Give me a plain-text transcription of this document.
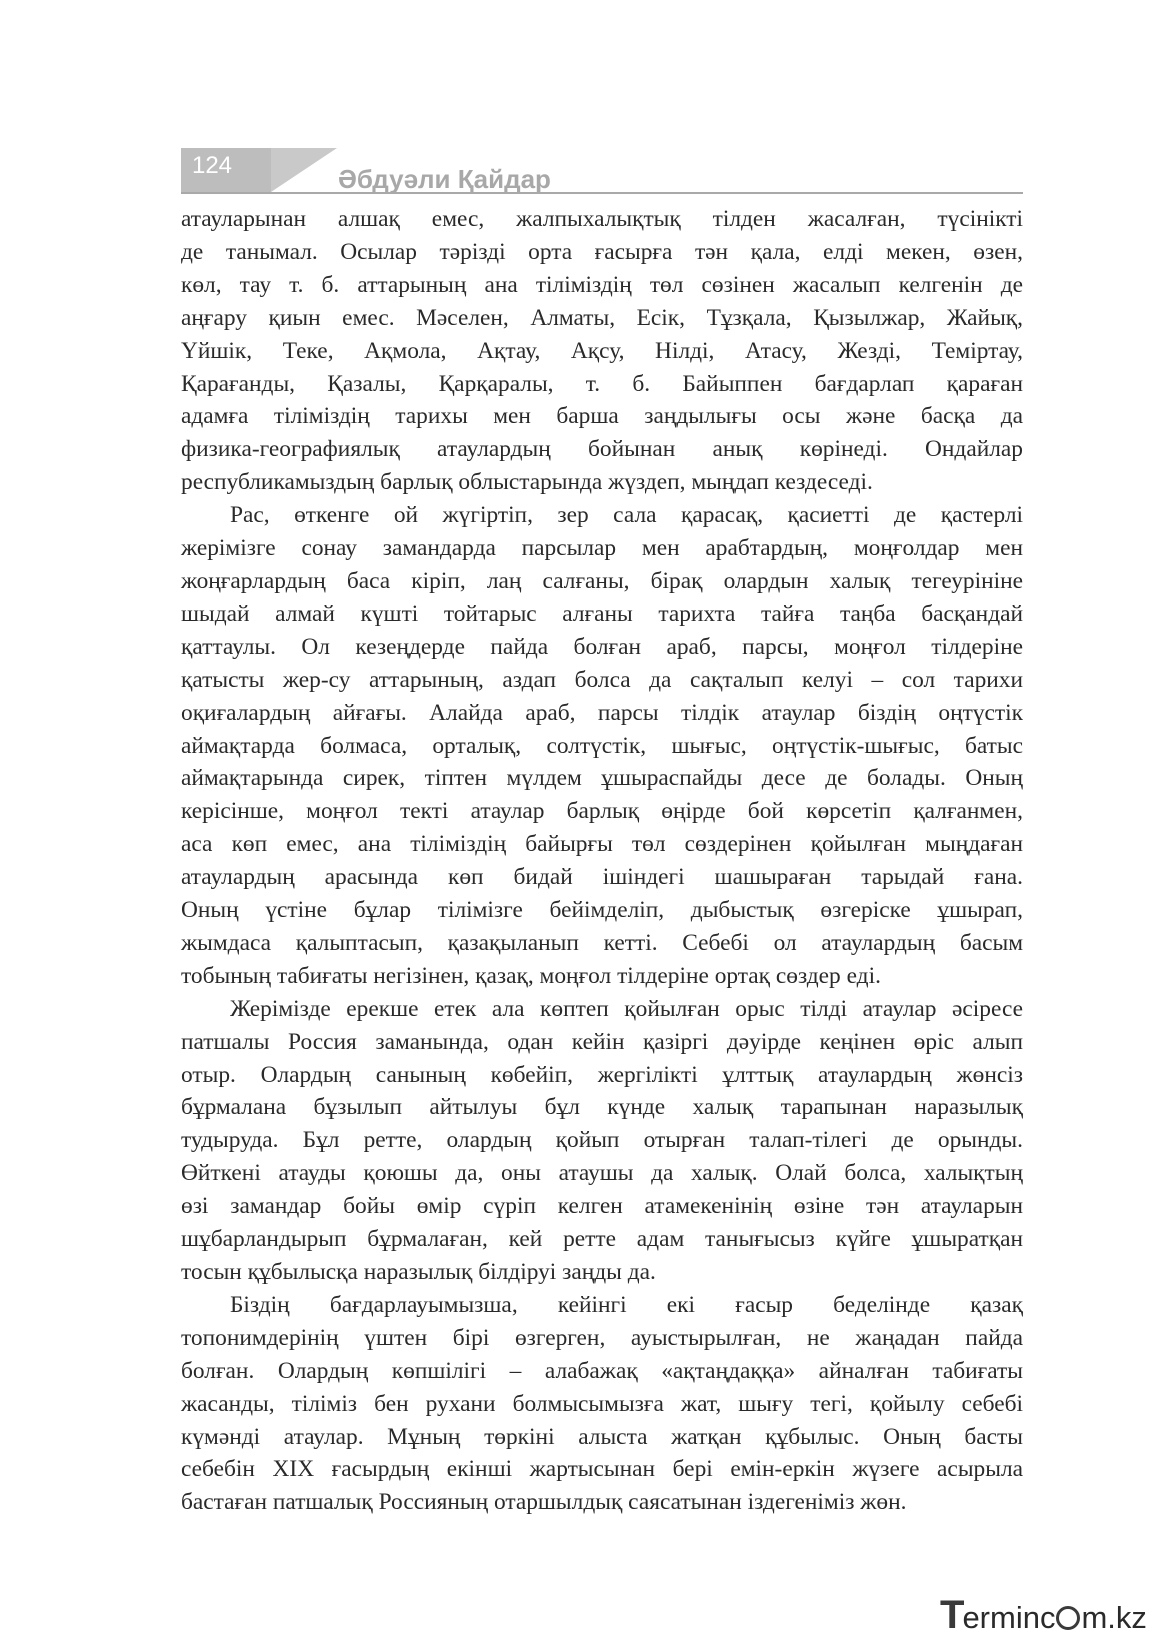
124	Әбдуәли Қайдар
атауларынан алшақ емес, жалпыхалықтық тілден жасалған, түсінікті
де танымал. Осылар тәрізді орта ғасырға тән қала, елді мекен, өзен,
көл, тау т. б. аттарының ана тіліміздің төл сөзінен жасалып келгенін де
аңғару қиын емес. Мәселен, Алматы, Есік, Тұзқала, Қызылжар, Жайық,
Үйшік, Теке, Ақмола, Ақтау, Ақсу, Нілді, Атасу, Жезді, Теміртау,
Қарағанды, Қазалы, Қарқаралы, т. б. Байыппен бағдарлап қараған
адамға тіліміздің тарихы мен барша заңдылығы осы және басқа да
физика-географиялық атаулардың бойынан анық көрінеді. Ондайлар
республикамыздың барлық облыстарында жүздеп, мыңдап кездеседі.
Рас, өткенге ой жүгіртіп, зер сала қарасақ, қасиетті де қастерлі
жерімізге сонау замандарда парсылар мен арабтардың, моңғолдар мен
жоңғарлардың баса кіріп, лаң салғаны, бірақ олардын халық тегеурініне
шыдай алмай күшті тойтарыс алғаны тарихта тайға таңба басқандай
қаттаулы. Ол кезеңдерде пайда болған араб, парсы, моңғол тілдеріне
қатысты жер-су аттарының, аздап болса да сақталып келуі – сол тарихи
оқиғалардың айғағы. Алайда араб, парсы тілдік атаулар біздің оңтүстік
аймақтарда болмаса, орталық, солтүстік, шығыс, оңтүстік-шығыс, батыс
аймақтарында сирек, тіптен мүлдем ұшыраспайды десе де болады. Оның
керісінше, моңғол текті атаулар барлық өңірде бой көрсетіп қалғанмен,
аса көп емес, ана тіліміздің байырғы төл сөздерінен қойылған мыңдаған
атаулардың арасында көп бидай ішіндегі шашыраған тарыдай ғана.
Оның үстіне бұлар тілімізге бейімделіп, дыбыстық өзгеріске ұшырап,
жымдаса қалыптасып, қазақыланып кетті. Себебі ол атаулардың басым
тобының табиғаты негізінен, қазақ, моңғол тілдеріне ортақ сөздер еді.
Жерімізде ерекше етек ала көптеп қойылған орыс тілді атаулар әсіресе
патшалы Россия заманында, одан кейін қазіргі дәуірде кеңінен өріс алып
отыр. Олардың санының көбейіп, жергілікті ұлттық атаулардың жөнсіз
бұрмалана бұзылып айтылуы бұл күнде халық тарапынан наразылық
тудыруда. Бұл ретте, олардың қойып отырған талап-тілегі де орынды.
Өйткені атауды қоюшы да, оны атаушы да халық. Олай болса, халықтың
өзі замандар бойы өмір сүріп келген атамекенінің өзіне тән атауларын
шұбарландырып бұрмалаған, кей ретте адам танығысыз күйге ұшыратқан
тосын құбылысқа наразылық білдіруі заңды да.
Біздің бағдарлауымызша, кейінгі екі ғасыр беделінде қазақ
топонимдерінің үштен бірі өзгерген, ауыстырылған, не жаңадан пайда
болған. Олардың көпшілігі – алабажақ «ақтаңдаққа» айналған табиғаты
жасанды, тіліміз бен рухани болмысымызға жат, шығу тегі, қойылу себебі
күмәнді атаулар. Мұның төркіні алыста жатқан құбылыс. Оның басты
себебін XIX ғасырдың екінші жартысынан бері емін-еркін жүзеге асырыла
бастаған патшалық Россияның отаршылдық саясатынан іздегеніміз жөн.
Terminc m.kz
